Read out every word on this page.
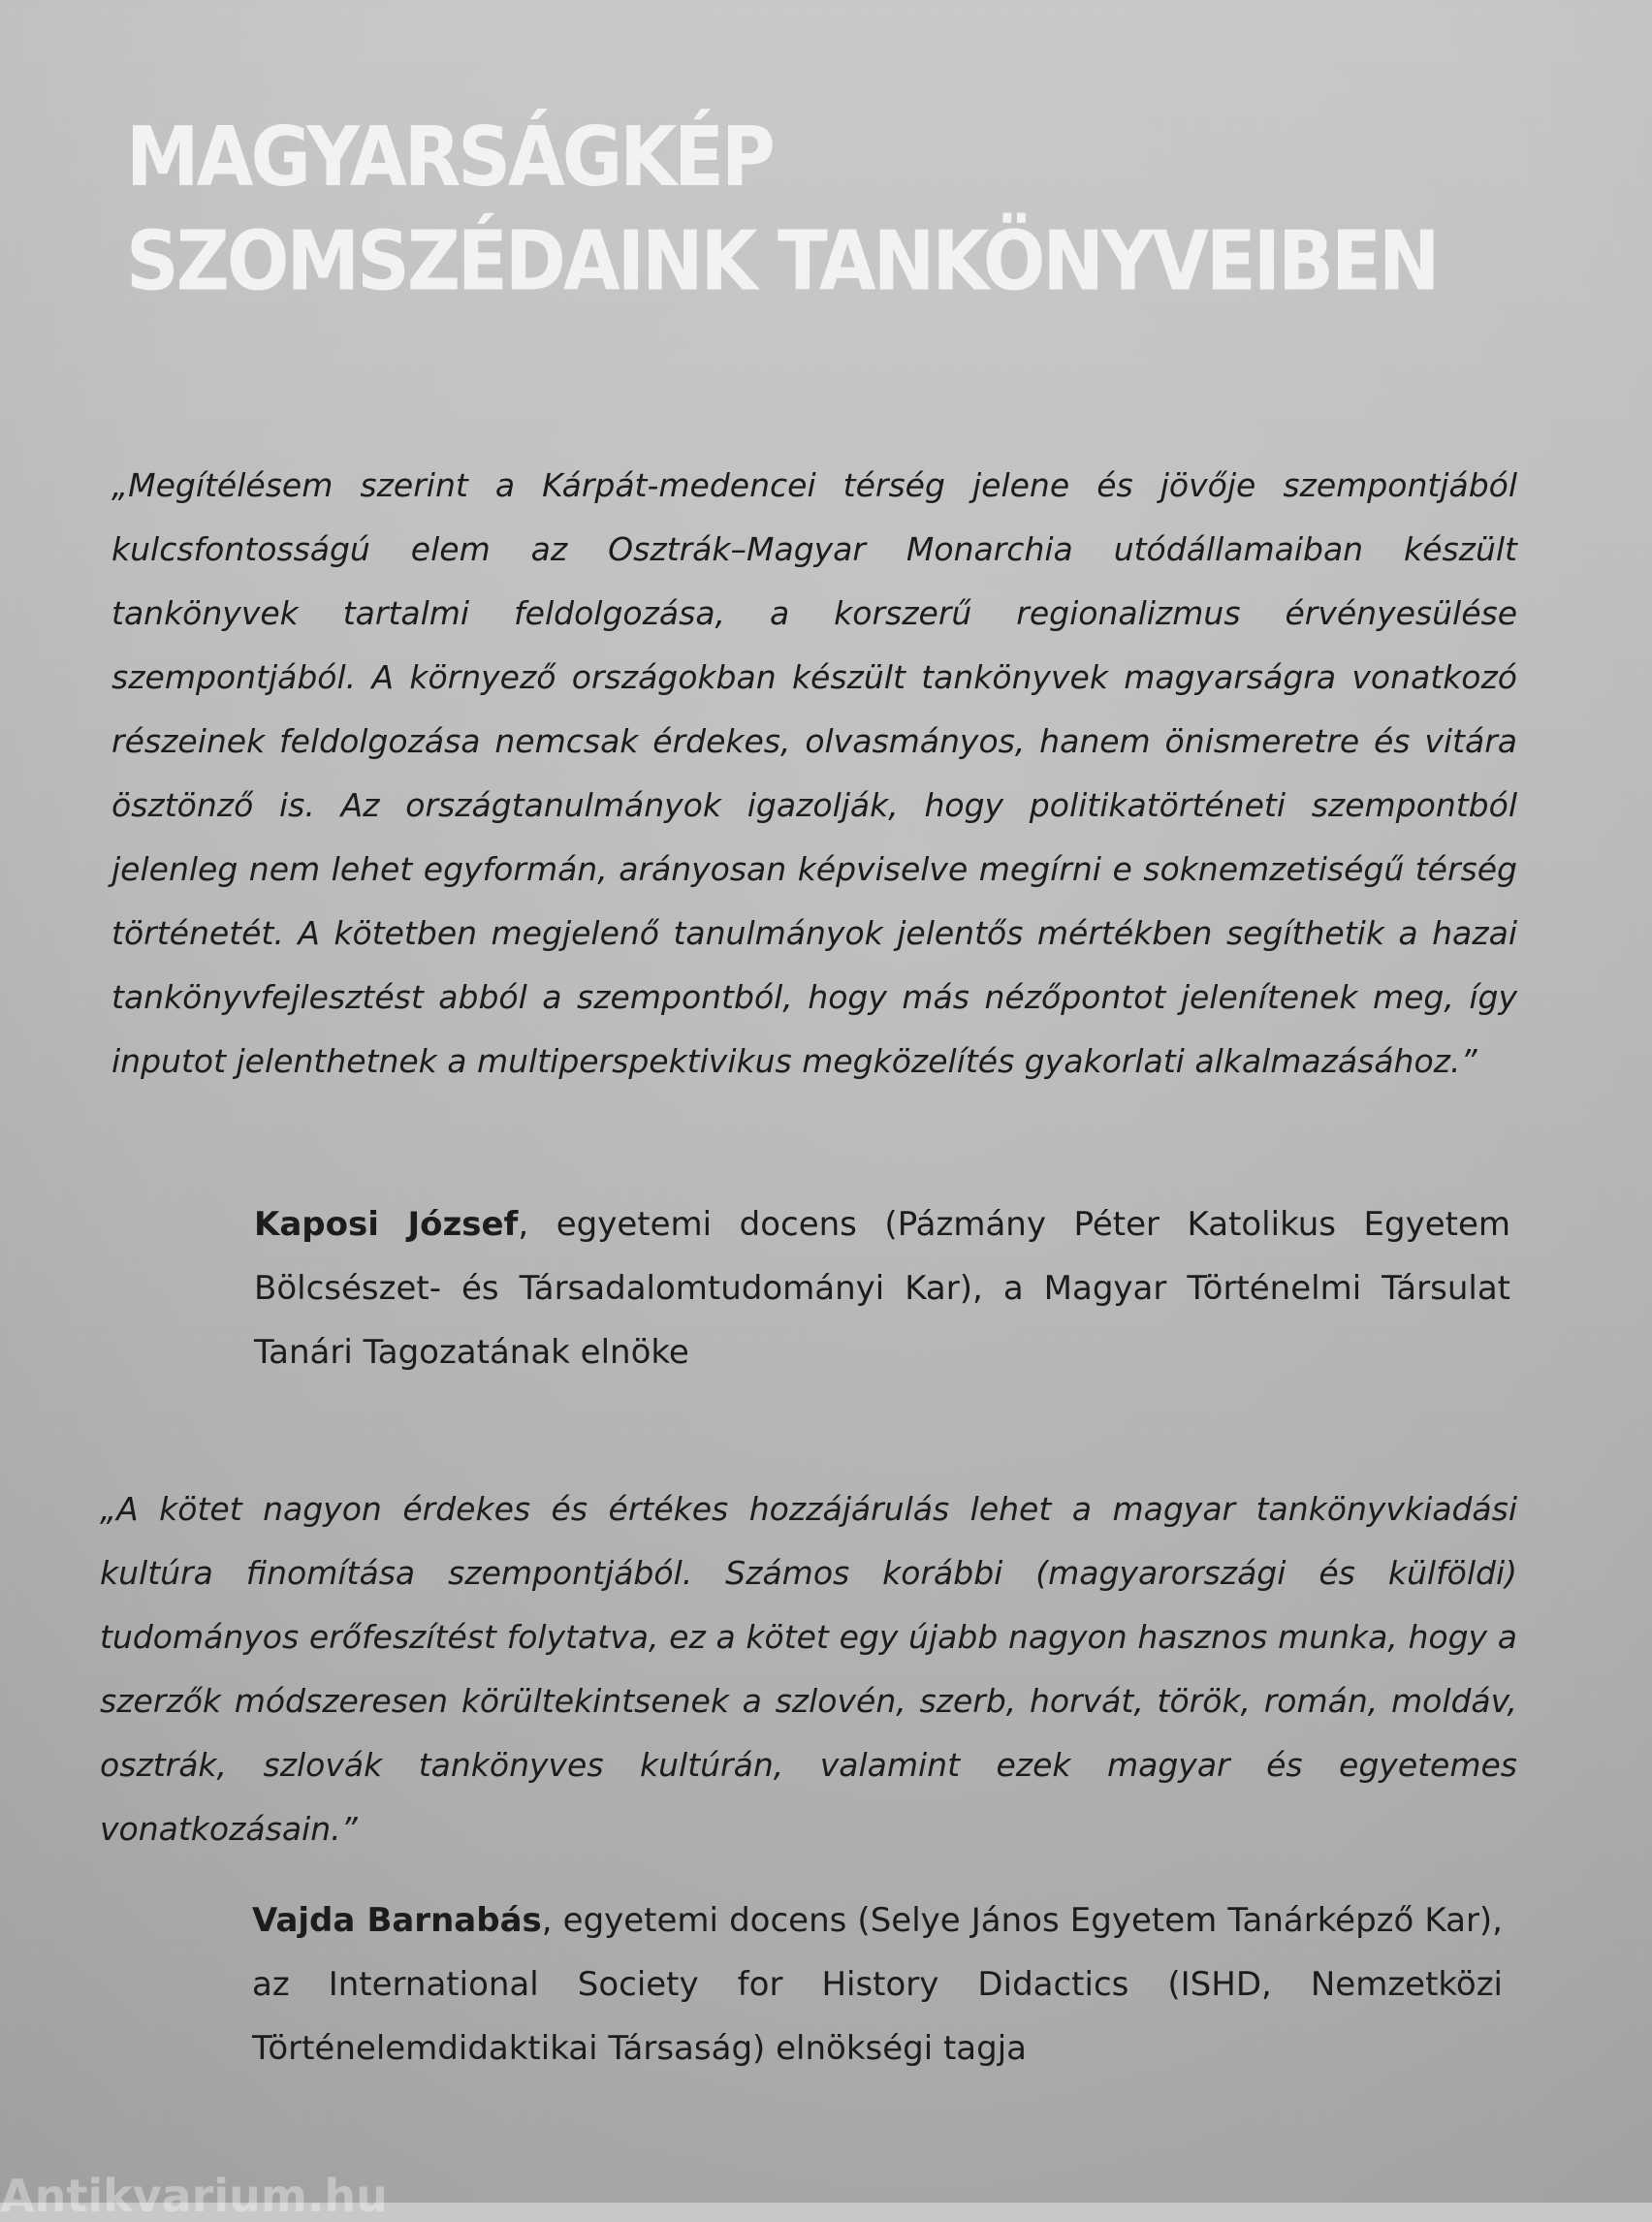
MAGYARSÁGKÉP
SZOMSZÉDAINK TANKÖNYVEIBEN

„Megítélésem szerint a Kárpát-medencei térség jelene és jövője szempontjából kulcsfontosságú elem az Osztrák–Magyar Monarchia utódállamaiban készült tankönyvek tartalmi feldolgozása, a korszerű regionalizmus érvényesülése szempontjából. A környező országokban készült tankönyvek magyarságra vonatkozó részeinek feldolgozása nemcsak érdekes, olvasmányos, hanem önismeretre és vitára ösztönző is. Az országtanulmányok igazolják, hogy politikatörténeti szempontból jelenleg nem lehet egyformán, arányosan képviselve megírni e soknemzetiségű térség történetét. A kötetben megjelenő tanulmányok jelentős mértékben segíthetik a hazai tankönyvfejlesztést abból a szempontból, hogy más nézőpontot jelenítenek meg, így inputot jelenthetnek a multiperspektivikus megközelítés gyakorlati alkalmazásához.”

Kaposi József, egyetemi docens (Pázmány Péter Katolikus Egyetem Bölcsészet- és Társadalomtudományi Kar), a Magyar Történelmi Társulat Tanári Tagozatának elnöke

„A kötet nagyon érdekes és értékes hozzájárulás lehet a magyar tankönyvkiadási kultúra finomítása szempontjából. Számos korábbi (magyarországi és külföldi) tudományos erőfeszítést folytatva, ez a kötet egy újabb nagyon hasznos munka, hogy a szerzők módszeresen körültekintsenek a szlovén, szerb, horvát, török, román, moldáv, osztrák, szlovák tankönyves kultúrán, valamint ezek magyar és egyetemes vonatkozásain.”

Vajda Barnabás, egyetemi docens (Selye János Egyetem Tanárképző Kar), az International Society for History Didactics (ISHD, Nemzetközi Történelemdidaktikai Társaság) elnökségi tagja

Antikvarium.hu
